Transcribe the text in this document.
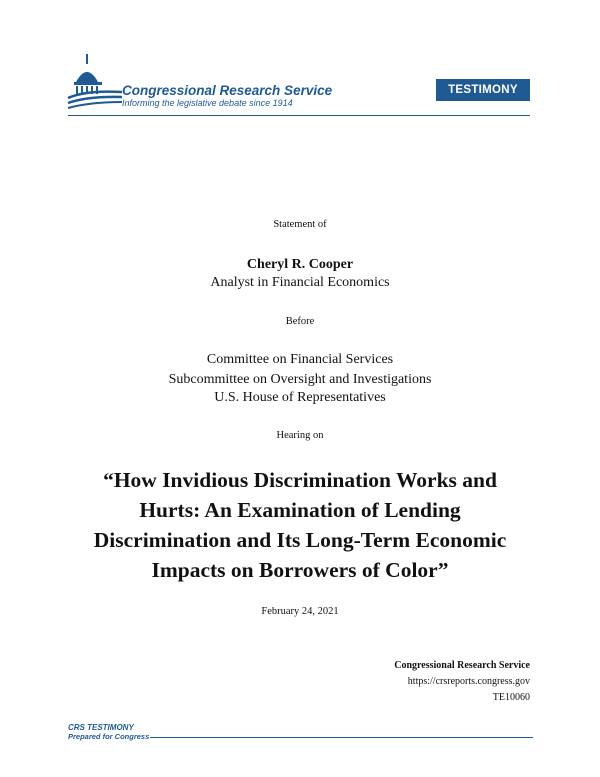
Congressional Research Service
Informing the legislative debate since 1914
TESTIMONY
Statement of
Cheryl R. Cooper
Analyst in Financial Economics
Before
Committee on Financial Services
Subcommittee on Oversight and Investigations
U.S. House of Representatives
Hearing on
“How Invidious Discrimination Works and
Hurts: An Examination of Lending
Discrimination and Its Long-Term Economic
Impacts on Borrowers of Color”
February 24, 2021
Congressional Research Service
https://crsreports.congress.gov
TE10060
CRS TESTIMONY
Prepared for Congress
